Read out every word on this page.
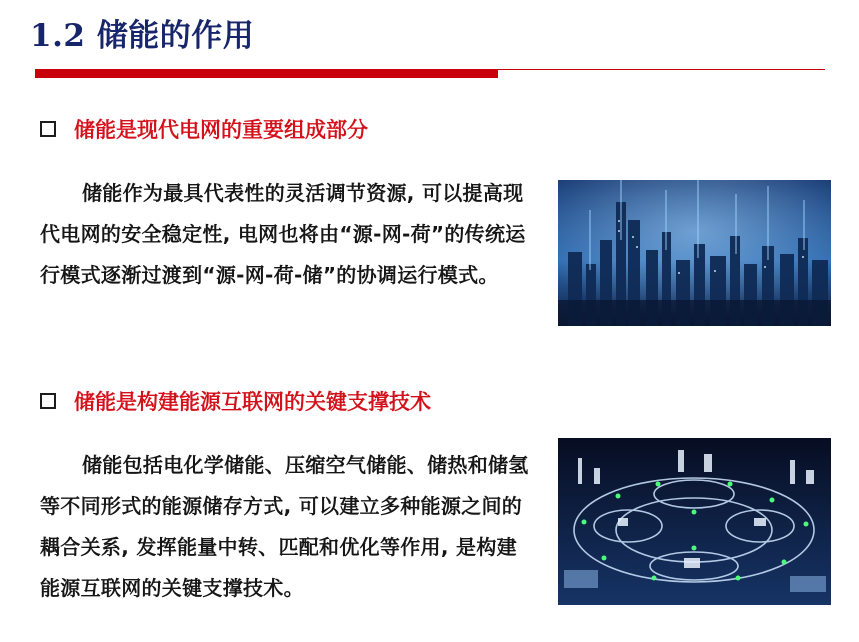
1.2 储能的作用
储能是现代电网的重要组成部分

储能作为最具代表性的灵活调节资源, 可以提高现代电网的安全稳定性, 电网也将由“源-网-荷”的传统运行模式逐渐过渡到“源-网-荷-储”的协调运行模式。

储能是构建能源互联网的关键支撑技术

储能包括电化学储能、压缩空气储能、储热和储氢等不同形式的能源储存方式, 可以建立多种能源之间的耦合关系, 发挥能量中转、匹配和优化等作用, 是构建能源互联网的关键支撑技术。
